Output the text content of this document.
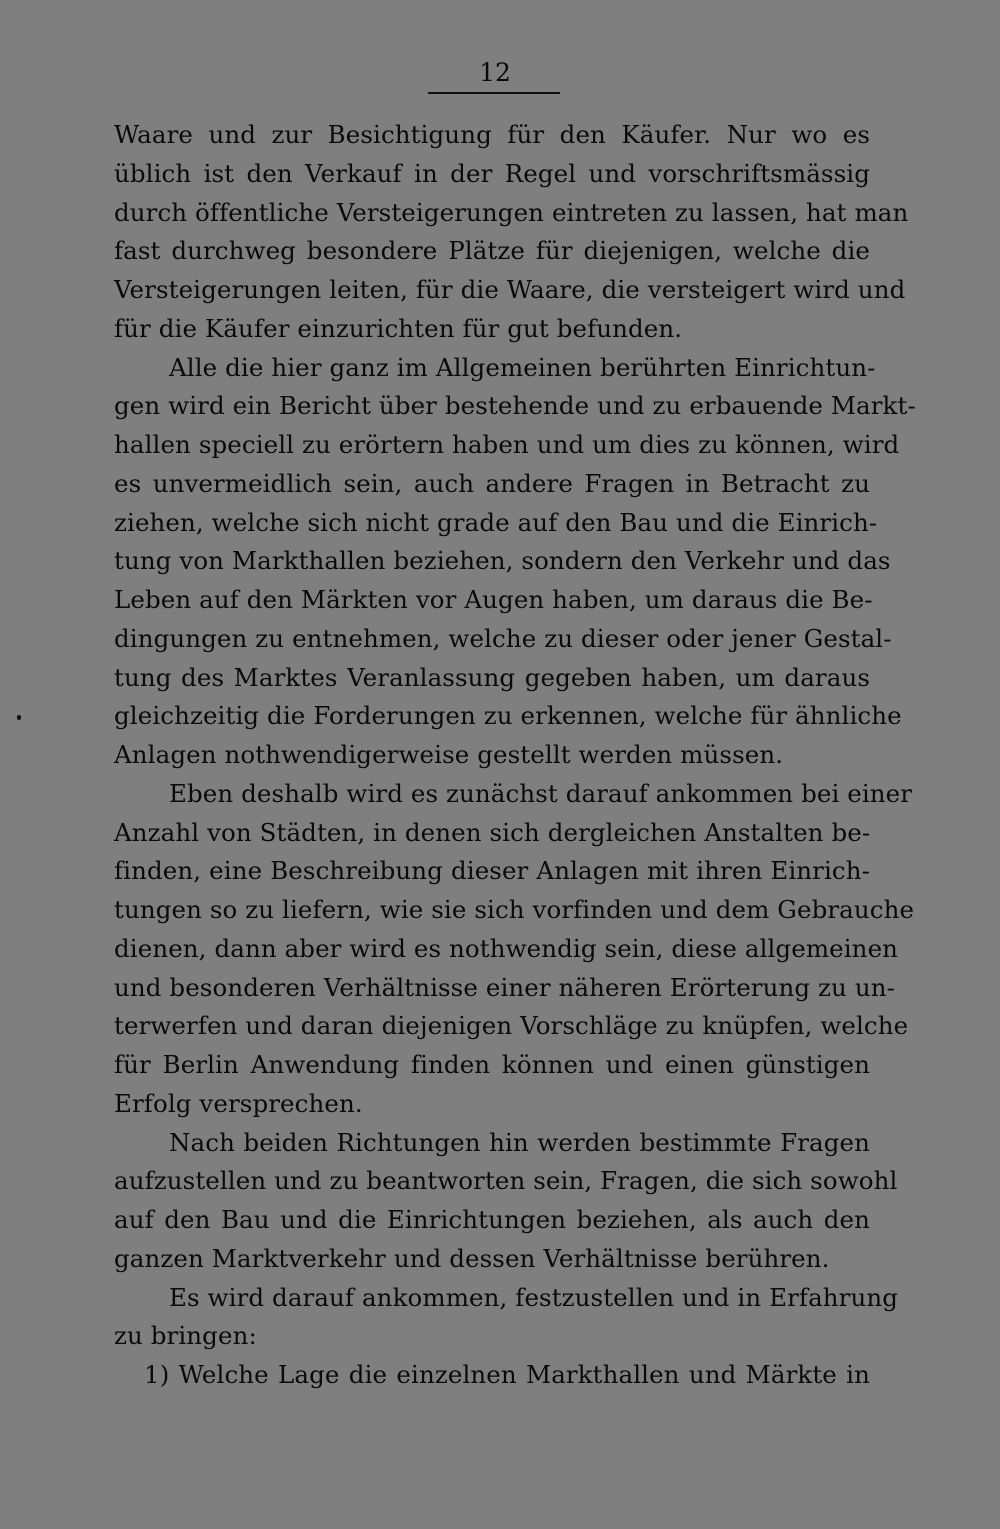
12
Waare und zur Besichtigung für den Käufer. Nur wo es
üblich ist den Verkauf in der Regel und vorschriftsmässig
durch öffentliche Versteigerungen eintreten zu lassen, hat man
fast durchweg besondere Plätze für diejenigen, welche die
Versteigerungen leiten, für die Waare, die versteigert wird und
für die Käufer einzurichten für gut befunden.
Alle die hier ganz im Allgemeinen berührten Einrichtun-
gen wird ein Bericht über bestehende und zu erbauende Markt-
hallen speciell zu erörtern haben und um dies zu können, wird
es unvermeidlich sein, auch andere Fragen in Betracht zu
ziehen, welche sich nicht grade auf den Bau und die Einrich-
tung von Markthallen beziehen, sondern den Verkehr und das
Leben auf den Märkten vor Augen haben, um daraus die Be-
dingungen zu entnehmen, welche zu dieser oder jener Gestal-
tung des Marktes Veranlassung gegeben haben, um daraus
gleichzeitig die Forderungen zu erkennen, welche für ähnliche
Anlagen nothwendigerweise gestellt werden müssen.
Eben deshalb wird es zunächst darauf ankommen bei einer
Anzahl von Städten, in denen sich dergleichen Anstalten be-
finden, eine Beschreibung dieser Anlagen mit ihren Einrich-
tungen so zu liefern, wie sie sich vorfinden und dem Gebrauche
dienen, dann aber wird es nothwendig sein, diese allgemeinen
und besonderen Verhältnisse einer näheren Erörterung zu un-
terwerfen und daran diejenigen Vorschläge zu knüpfen, welche
für Berlin Anwendung finden können und einen günstigen
Erfolg versprechen.
Nach beiden Richtungen hin werden bestimmte Fragen
aufzustellen und zu beantworten sein, Fragen, die sich sowohl
auf den Bau und die Einrichtungen beziehen, als auch den
ganzen Marktverkehr und dessen Verhältnisse berühren.
Es wird darauf ankommen, festzustellen und in Erfahrung
zu bringen:
1) Welche Lage die einzelnen Markthallen und Märkte in
